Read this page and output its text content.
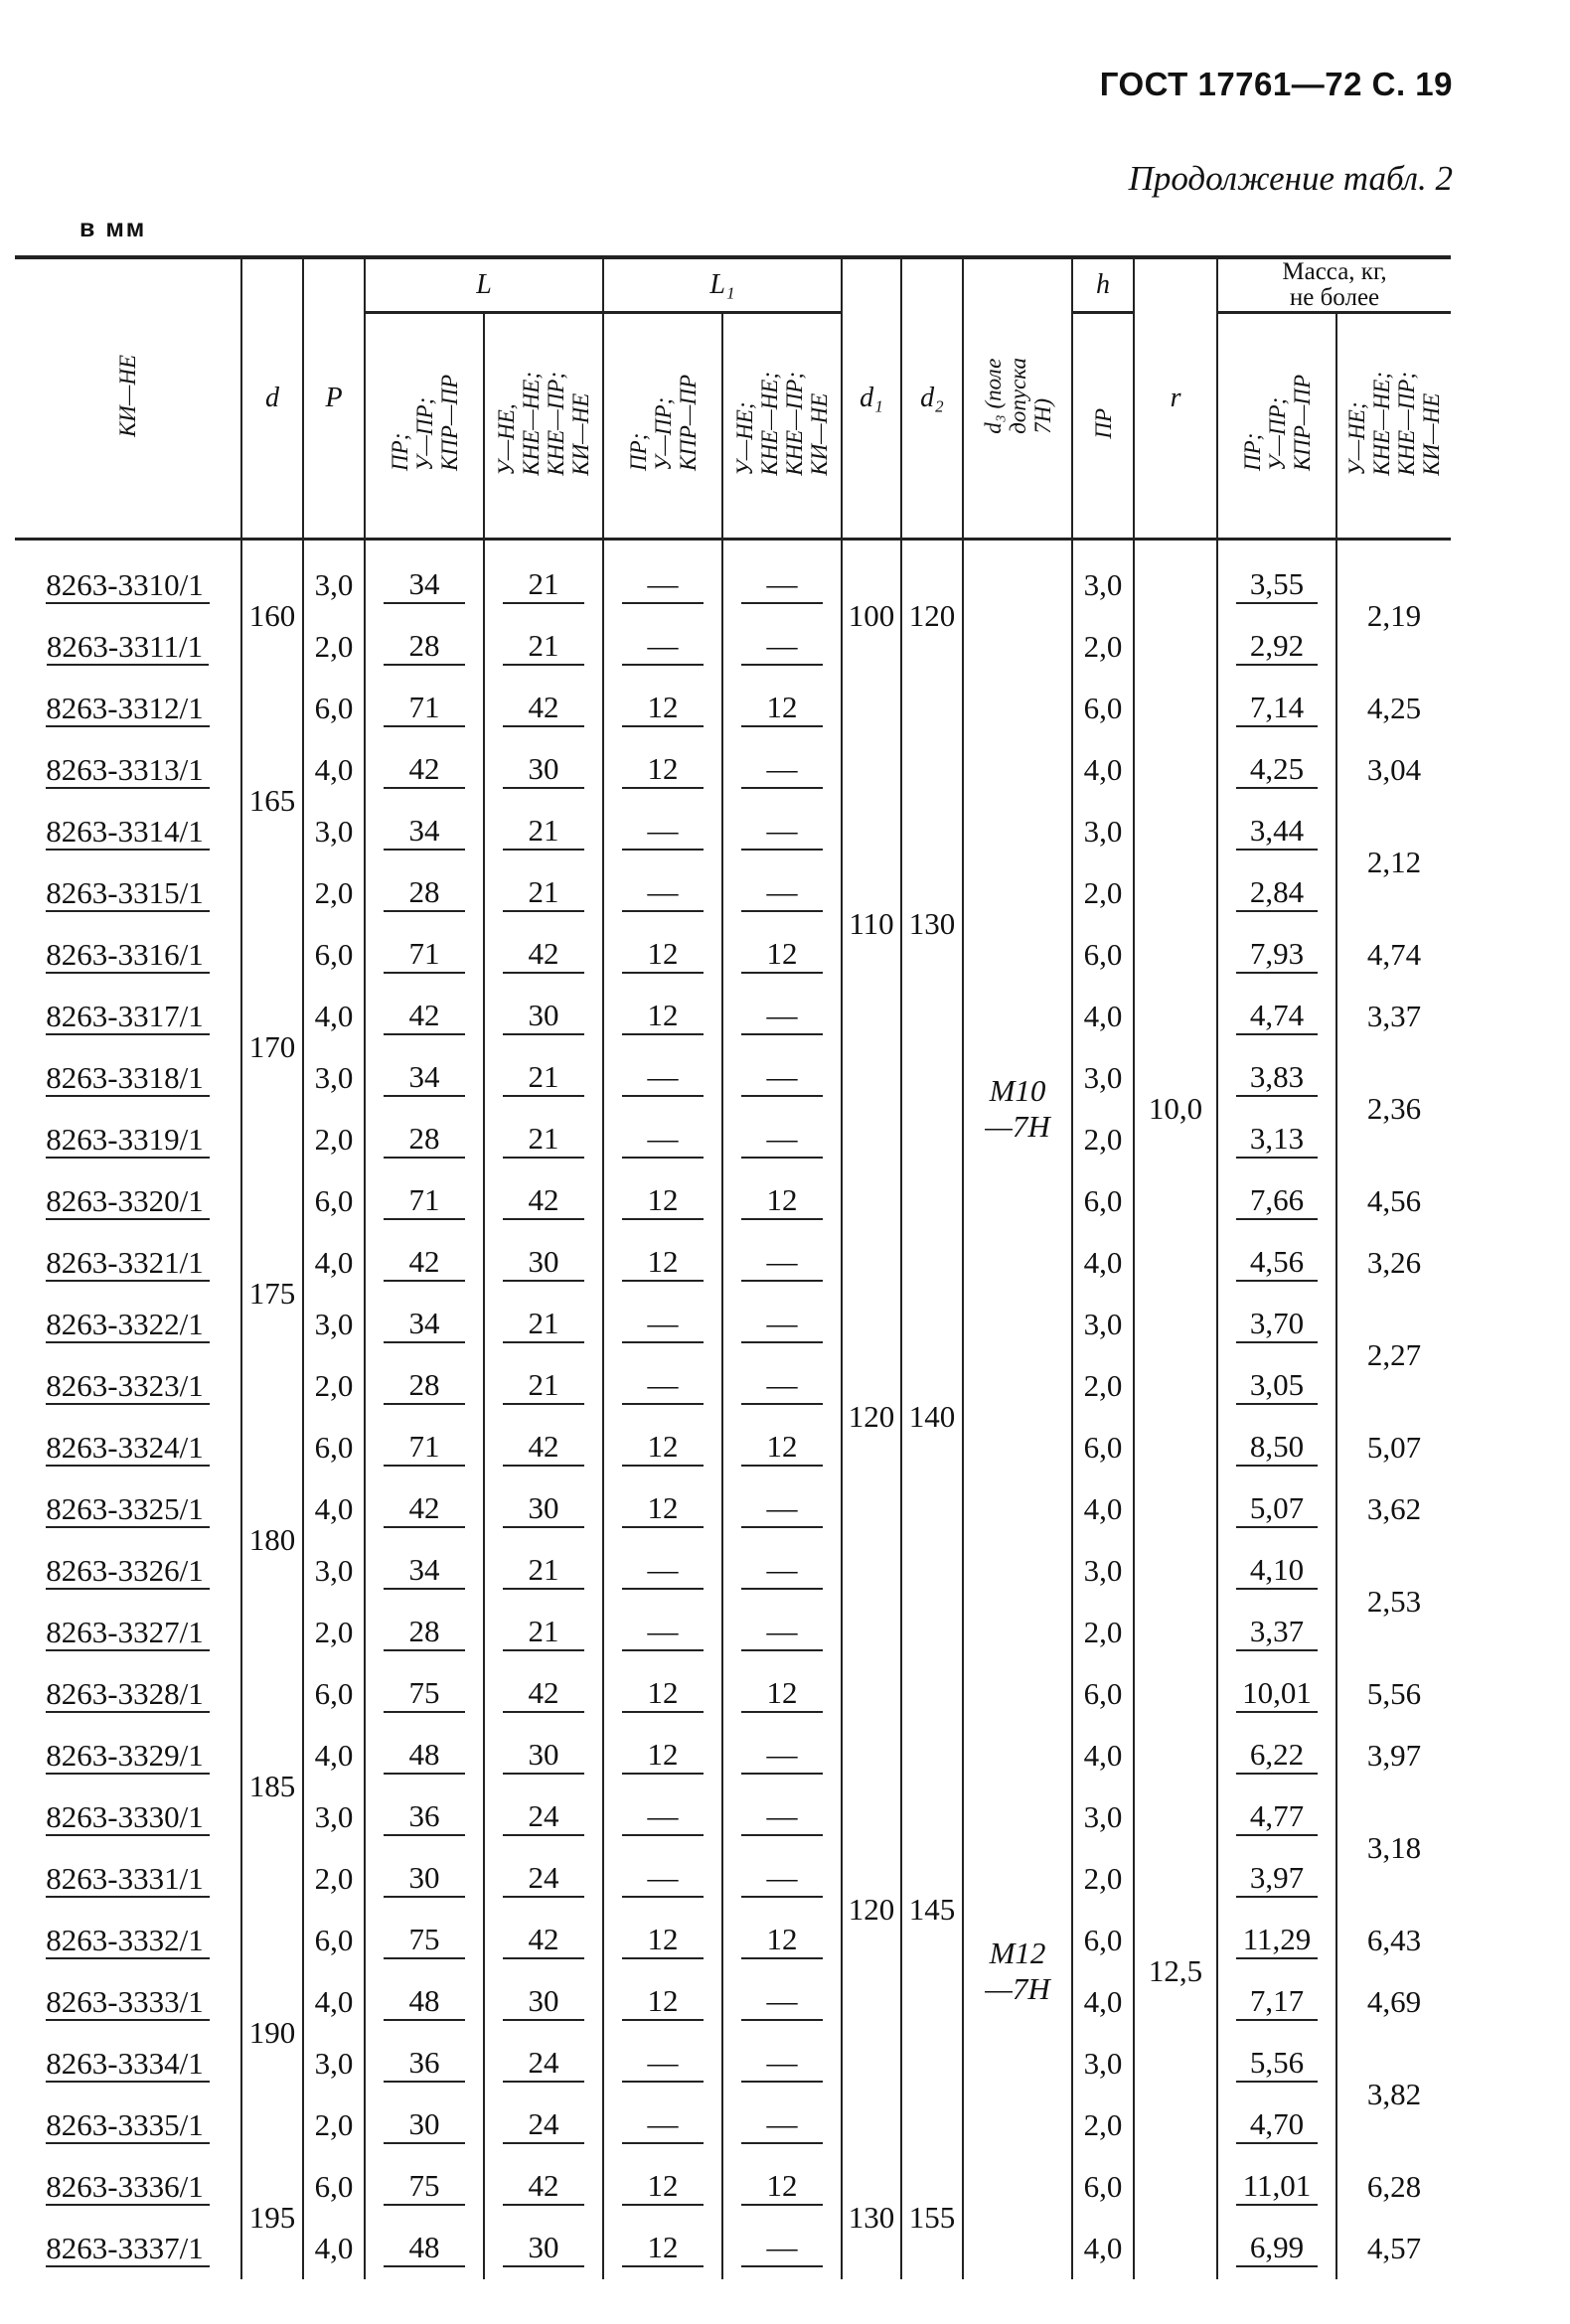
ГОСТ 17761—72 С. 19
Продолжение табл. 2
в мм
КИ—НЕ	d	P	L		L₁		d₁	d₂	d₃ (поле
допуска
7Н)	h	r	Масса, кг,
не более	
			ПР;
У—ПР;
КПР—ПР	У—НЕ,
КНЕ—НЕ;
КНЕ—ПР;
КИ—НЕ	ПР;
У—ПР;
КПР—ПР	У—НЕ;
КНЕ—НЕ;
КНЕ—ПР;
КИ—НЕ				ПР		ПР;
У—ПР;
КПР—ПР	У—НЕ;
КНЕ—НЕ;
КНЕ—ПР;
КИ—НЕ
8263-3310/1	160	3,0	34	21	—	—	100	120	М10
—7Н	3,0	10,0	3,55	2,19
8263-3311/1		2,0	28	21	—	—				2,0		2,92	
8263-3312/1	165	6,0	71	42	12	12	110	130		6,0		7,14	4,25
8263-3313/1		4,0	42	30	12	—				4,0		4,25	3,04
8263-3314/1		3,0	34	21	—	—				3,0		3,44	2,12
8263-3315/1		2,0	28	21	—	—				2,0		2,84	
8263-3316/1	170	6,0	71	42	12	12				6,0		7,93	4,74
8263-3317/1		4,0	42	30	12	—				4,0		4,74	3,37
8263-3318/1		3,0	34	21	—	—				3,0		3,83	2,36
8263-3319/1		2,0	28	21	—	—				2,0		3,13	
8263-3320/1	175	6,0	71	42	12	12	120	140		6,0		7,66	4,56
8263-3321/1		4,0	42	30	12	—				4,0		4,56	3,26
8263-3322/1		3,0	34	21	—	—				3,0		3,70	2,27
8263-3323/1		2,0	28	21	—	—				2,0		3,05	
8263-3324/1	180	6,0	71	42	12	12				6,0		8,50	5,07
8263-3325/1		4,0	42	30	12	—				4,0		5,07	3,62
8263-3326/1		3,0	34	21	—	—				3,0		4,10	2,53
8263-3327/1		2,0	28	21	—	—				2,0		3,37	
8263-3328/1	185	6,0	75	42	12	12	120	145	М12
—7Н	6,0	12,5	10,01	5,56
8263-3329/1		4,0	48	30	12	—				4,0		6,22	3,97
8263-3330/1		3,0	36	24	—	—				3,0		4,77	3,18
8263-3331/1		2,0	30	24	—	—				2,0		3,97	
8263-3332/1	190	6,0	75	42	12	12				6,0		11,29	6,43
8263-3333/1		4,0	48	30	12	—				4,0		7,17	4,69
8263-3334/1		3,0	36	24	—	—				3,0		5,56	3,82
8263-3335/1		2,0	30	24	—	—				2,0		4,70	
8263-3336/1	195	6,0	75	42	12	12	130	155		6,0		11,01	6,28
8263-3337/1		4,0	48	30	12	—				4,0		6,99	4,57
